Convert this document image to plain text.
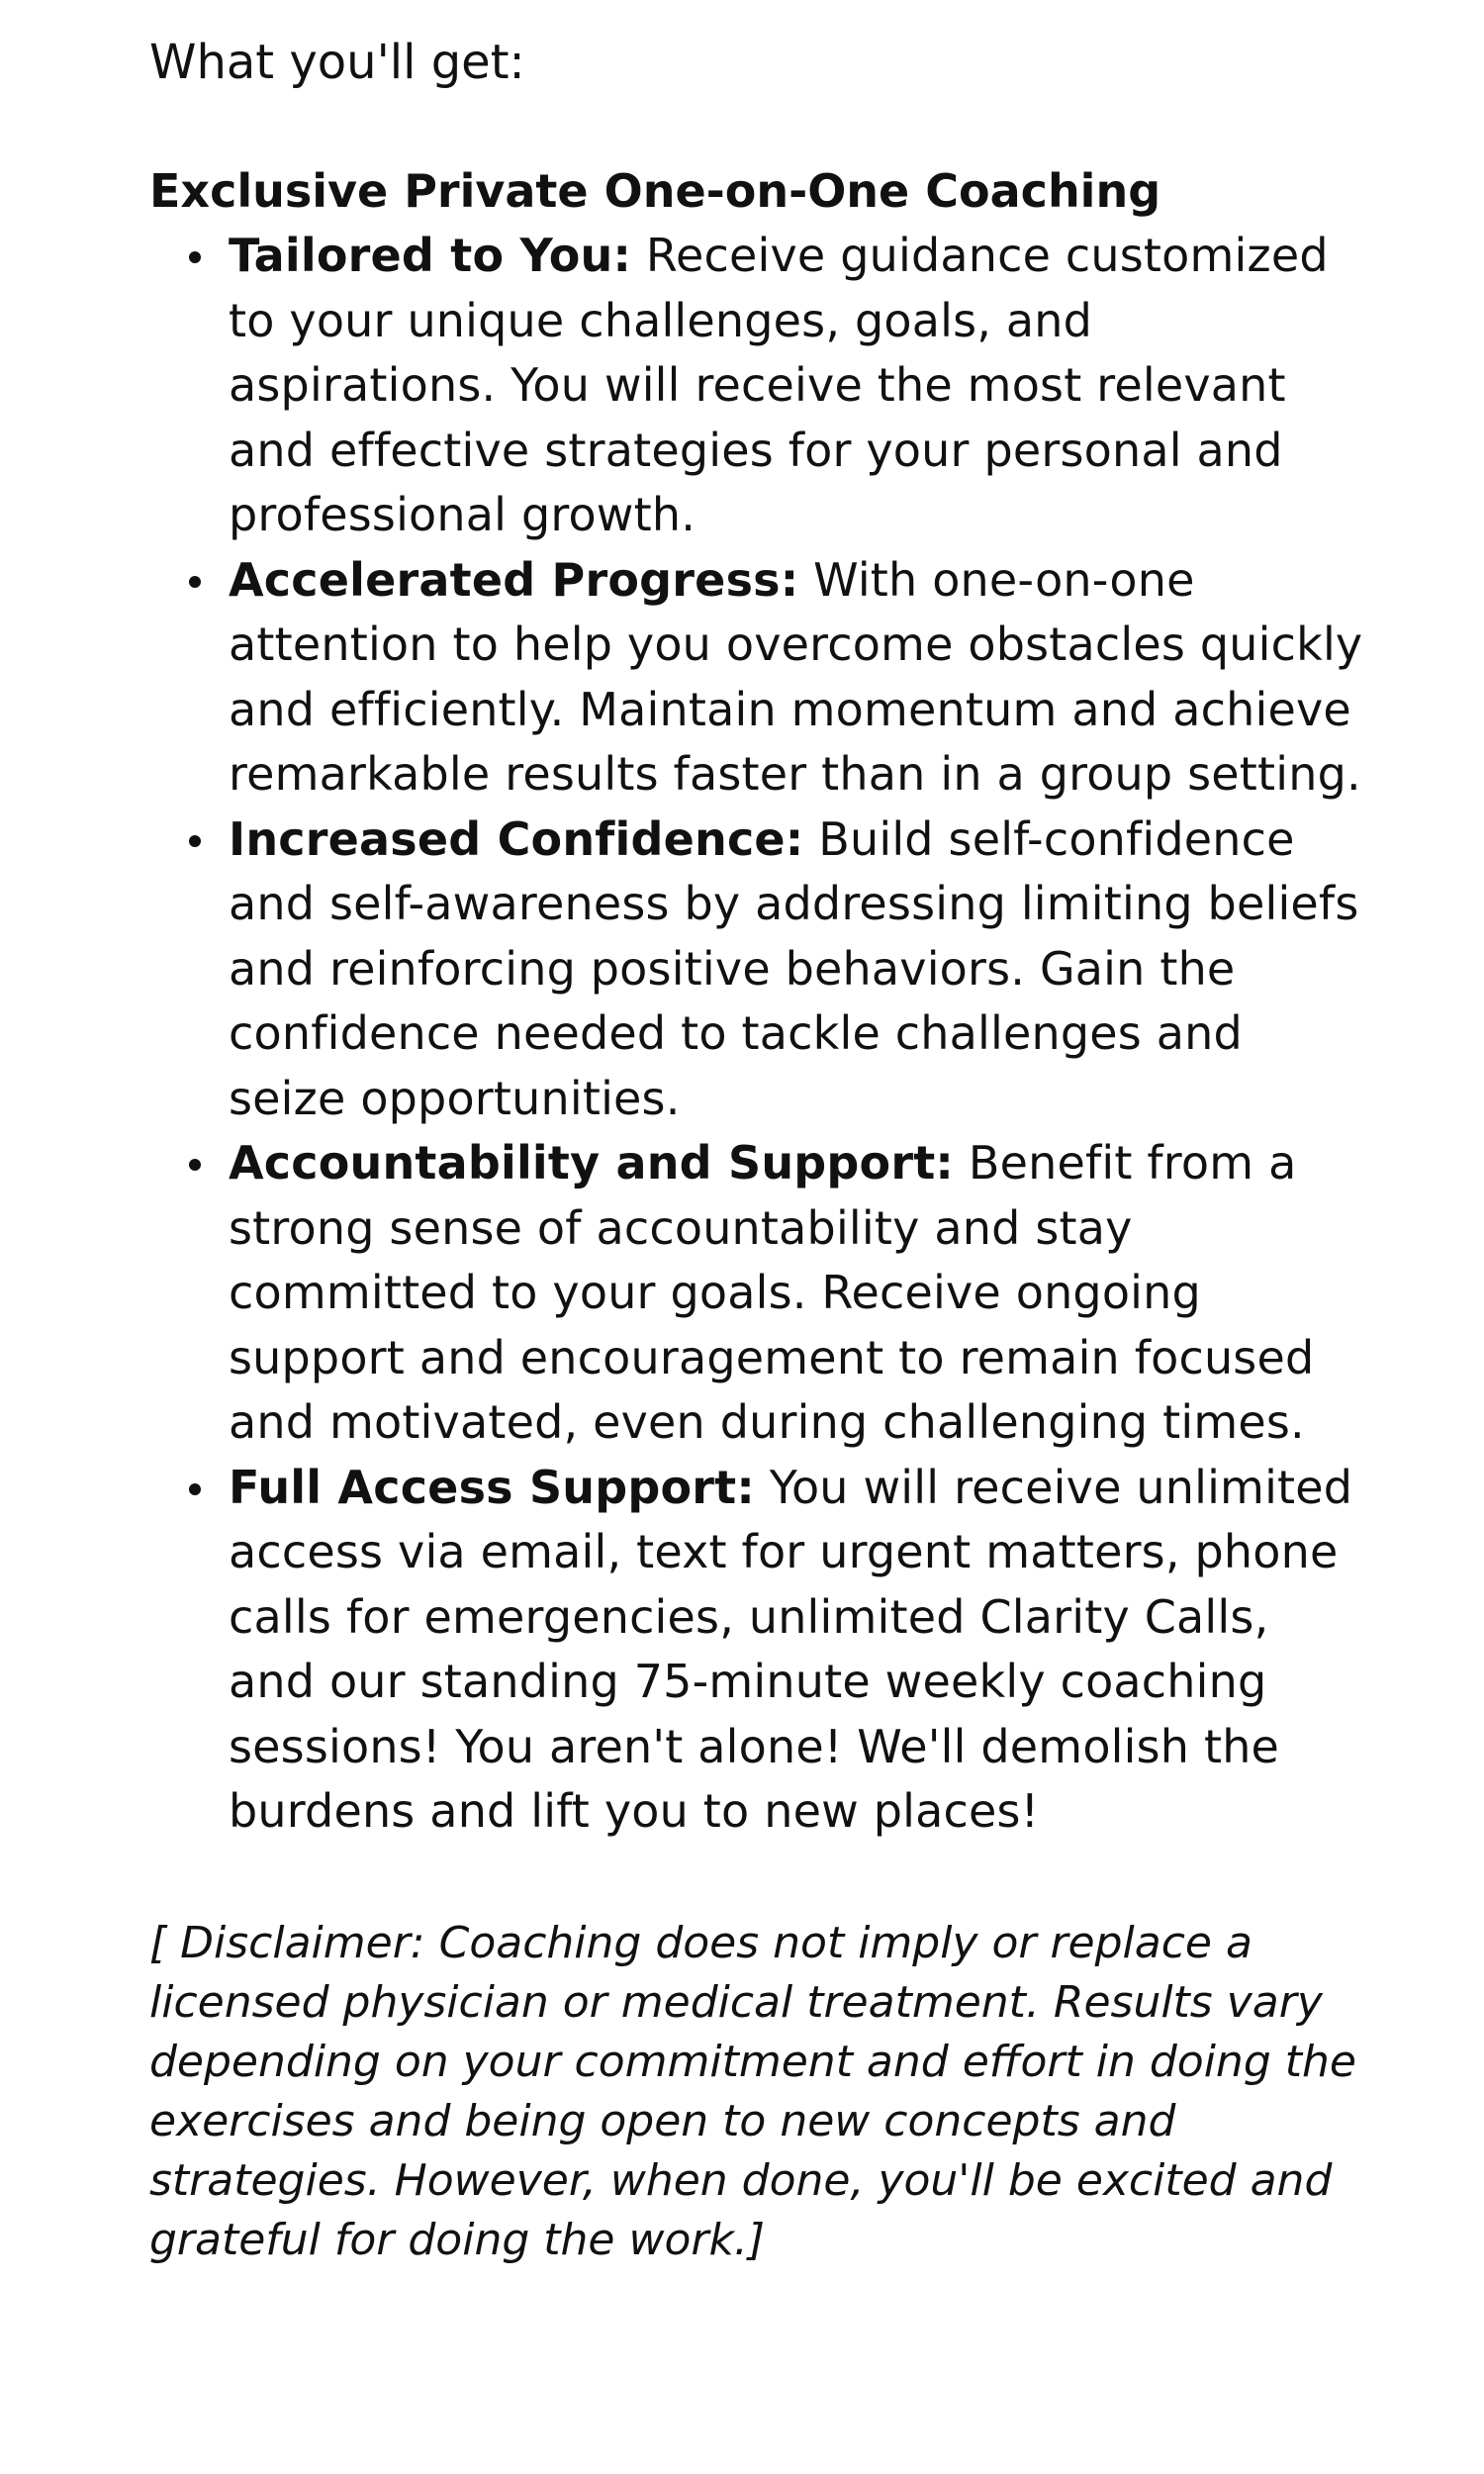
What you'll get:

Exclusive Private One-on-One Coaching

Tailored to You: Receive guidance customized to your unique challenges, goals, and aspirations. You will receive the most relevant and effective strategies for your personal and professional growth.
Accelerated Progress: With one-on-one attention to help you overcome obstacles quickly and efficiently. Maintain momentum and achieve remarkable results faster than in a group setting.
Increased Confidence: Build self-confidence and self-awareness by addressing limiting beliefs and reinforcing positive behaviors. Gain the confidence needed to tackle challenges and seize opportunities.
Accountability and Support: Benefit from a strong sense of accountability and stay committed to your goals. Receive ongoing support and encouragement to remain focused and motivated, even during challenging times.
Full Access Support: You will receive unlimited access via email, text for urgent matters, phone calls for emergencies, unlimited Clarity Calls, and our standing 75-minute weekly coaching sessions! You aren't alone! We'll demolish the burdens and lift you to new places!

[ Disclaimer: Coaching does not imply or replace a licensed physician or medical treatment. Results vary depending on your commitment and effort in doing the exercises and being open to new concepts and strategies. However, when done, you'll be excited and grateful for doing the work.]
